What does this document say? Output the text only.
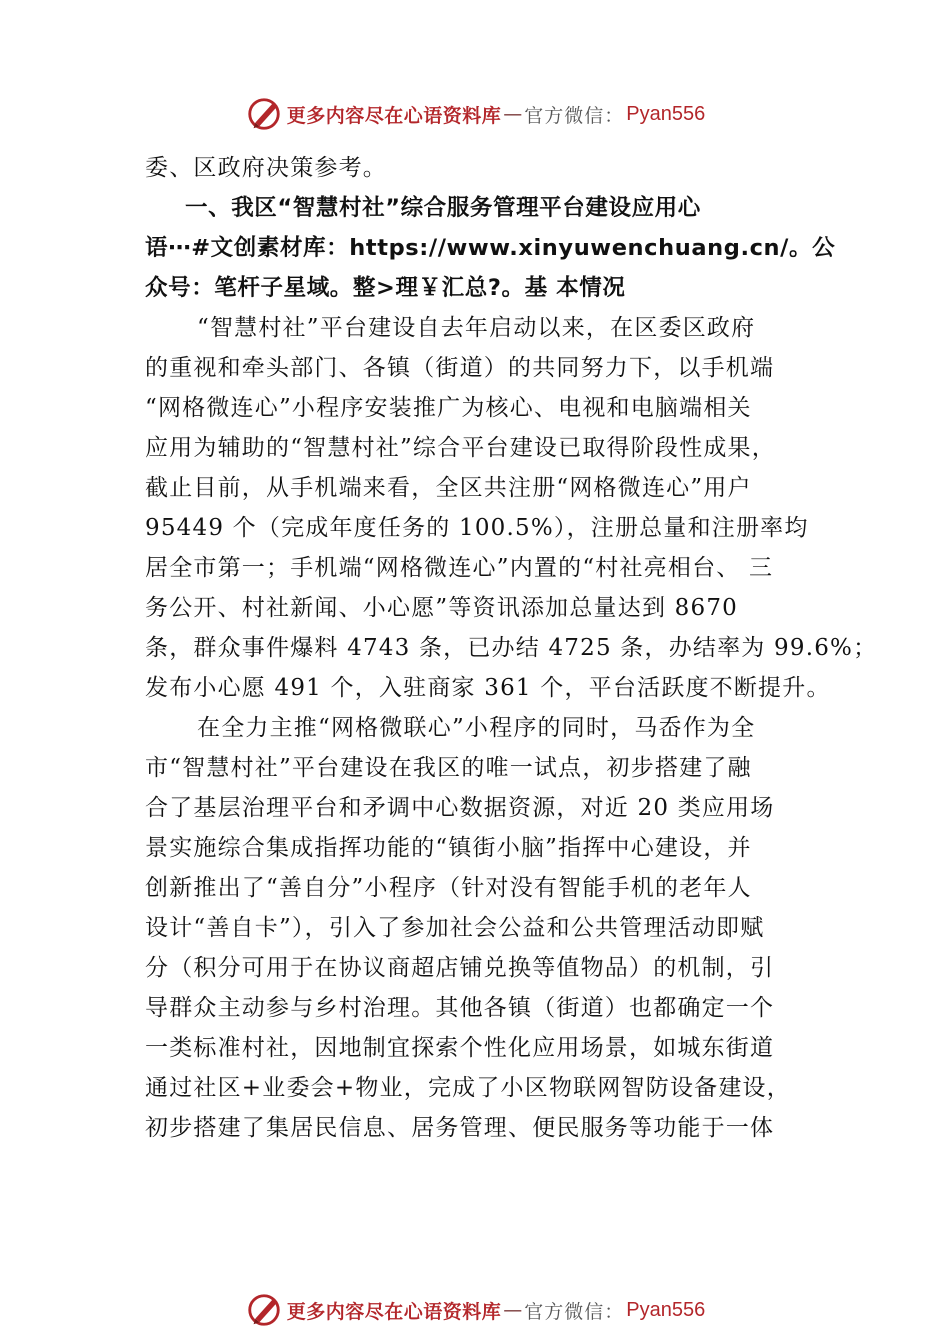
更多内容尽在心语资料库 — 官方微信： Pyan556
委、区政府决策参考。
一、我区“智慧村社”综合服务管理平台建设应用心
语⋯#文创素材库：https://www.xinyuwenchuang.cn/。公
众号：笔杆子星域。整>理￥汇总?。基 本情况
“智慧村社”平台建设自去年启动以来，在区委区政府
的重视和牵头部门、各镇（街道）的共同努力下，以手机端
“网格微连心”小程序安装推广为核心、电视和电脑端相关
应用为辅助的“智慧村社”综合平台建设已取得阶段性成果，
截止目前，从手机端来看，全区共注册“网格微连心”用户
95449 个（完成年度任务的 100.5%），注册总量和注册率均
居全市第一；手机端“网格微连心”内置的“村社亮相台、 三
务公开、村社新闻、小心愿”等资讯添加总量达到 8670
条，群众事件爆料 4743 条，已办结 4725 条，办结率为 99.6%；
发布小心愿 491 个，入驻商家 361 个，平台活跃度不断提升。
在全力主推“网格微联心”小程序的同时，马岙作为全
市“智慧村社”平台建设在我区的唯一试点，初步搭建了融
合了基层治理平台和矛调中心数据资源，对近 20 类应用场
景实施综合集成指挥功能的“镇街小脑”指挥中心建设，并
创新推出了“善自分”小程序（针对没有智能手机的老年人
设计“善自卡”），引入了参加社会公益和公共管理活动即赋
分（积分可用于在协议商超店铺兑换等值物品）的机制，引
导群众主动参与乡村治理。其他各镇（街道）也都确定一个
一类标准村社，因地制宜探索个性化应用场景，如城东街道
通过社区+业委会+物业，完成了小区物联网智防设备建设，
初步搭建了集居民信息、居务管理、便民服务等功能于一体
更多内容尽在心语资料库 — 官方微信： Pyan556
